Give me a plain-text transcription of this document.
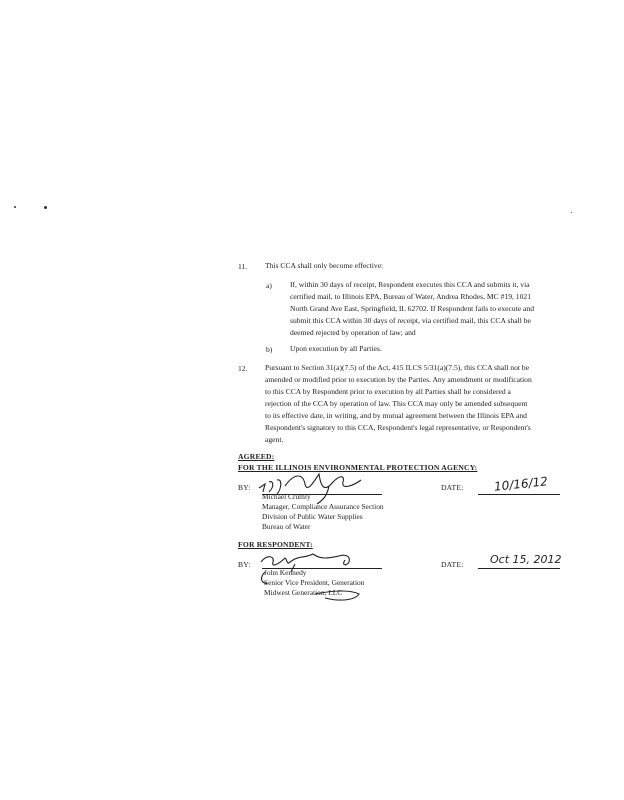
11. This CCA shall only become effective:
a) If, within 30 days of receipt, Respondent executes this CCA and submits it, via
certified mail, to Illinois EPA, Bureau of Water, Andrea Rhodes, MC #19, 1021
North Grand Ave East, Springfield, IL 62702. If Respondent fails to execute and
submit this CCA within 30 days of receipt, via certified mail, this CCA shall be
deemed rejected by operation of law; and
b) Upon execution by all Parties.
12. Pursuant to Section 31(a)(7.5) of the Act, 415 ILCS 5/31(a)(7.5), this CCA shall not be
amended or modified prior to execution by the Parties. Any amendment or modification
to this CCA by Respondent prior to execution by all Parties shall be considered a
rejection of the CCA by operation of law. This CCA may only be amended subsequent
to its effective date, in writing, and by mutual agreement between the Illinois EPA and
Respondent's signatory to this CCA, Respondent's legal representative, or Respondent's
agent.
AGREED:
FOR THE ILLINOIS ENVIRONMENTAL PROTECTION AGENCY:
BY:	DATE: 10/16/12
Michael Crumly
Manager, Compliance Assurance Section
Division of Public Water Supplies
Bureau of Water
FOR RESPONDENT:
BY:	DATE: Oct 15, 2012
John Kennedy
Senior Vice President, Generation
Midwest Generation, LLC
